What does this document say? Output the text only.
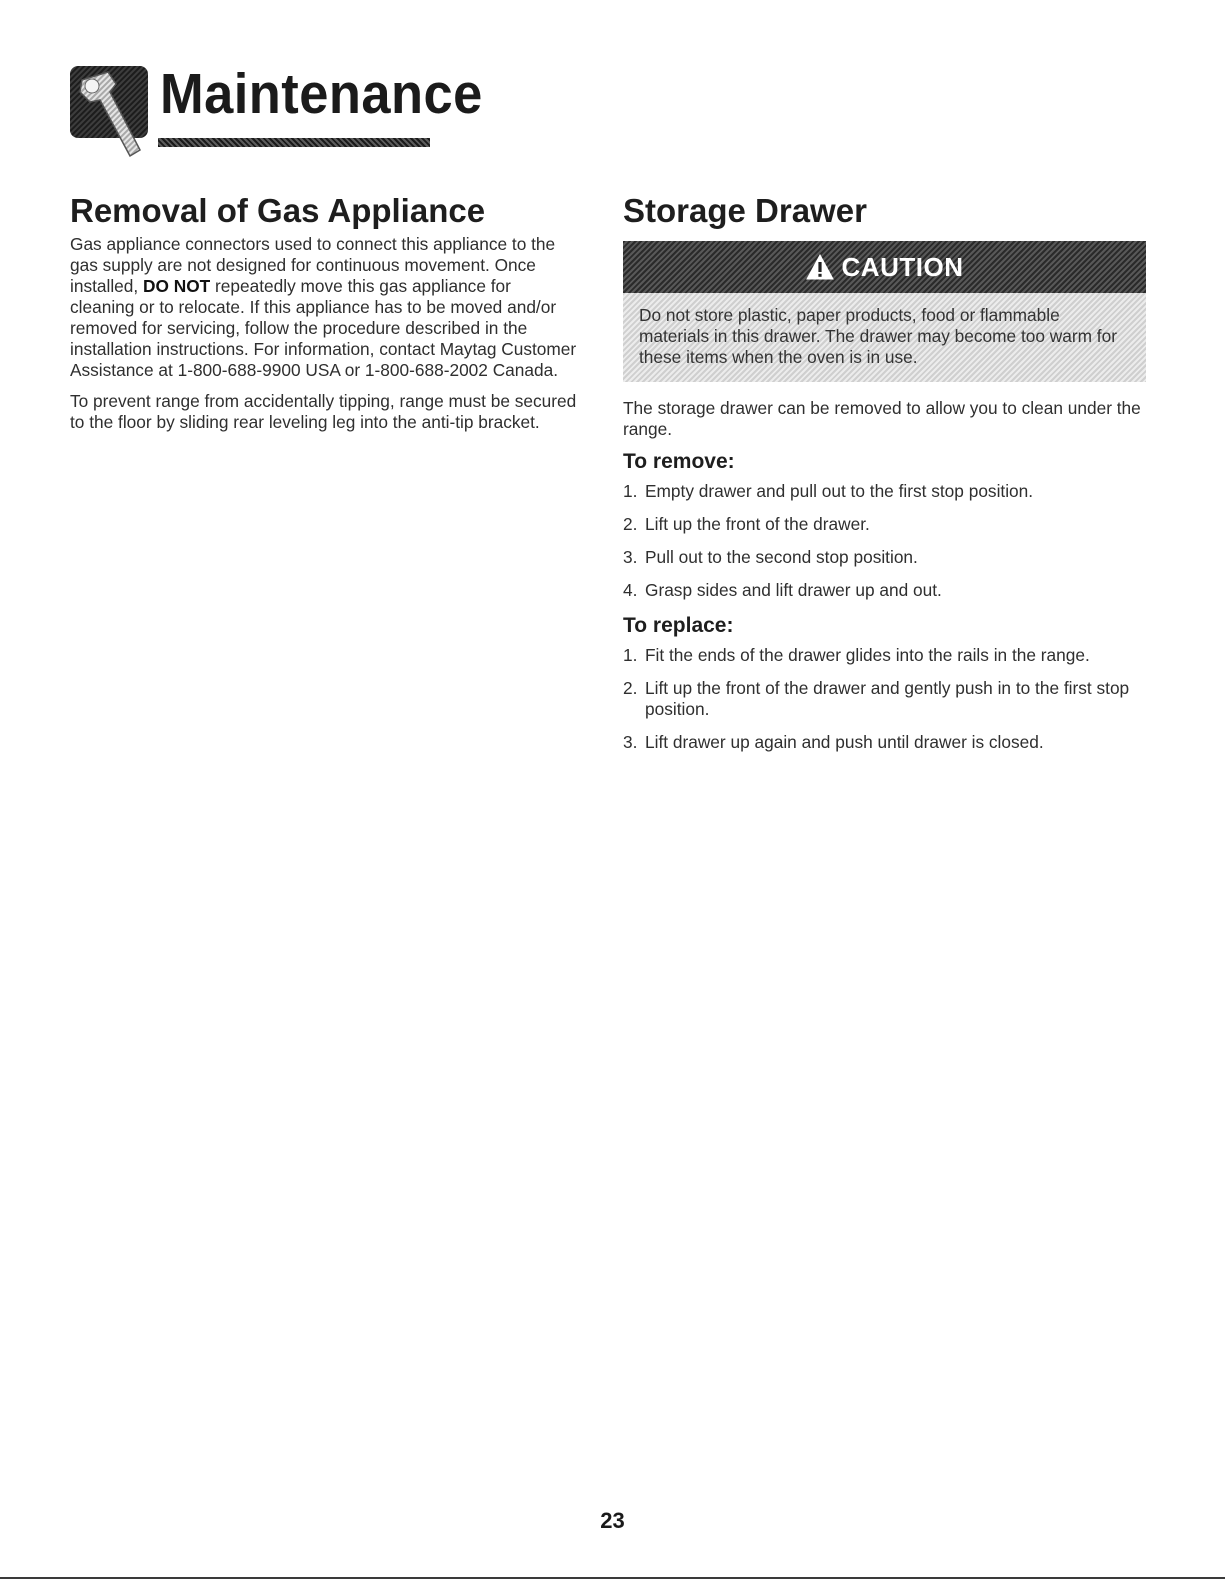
Maintenance
Removal of Gas Appliance

Gas appliance connectors used to connect this appliance to the gas supply are not designed for continuous movement. Once installed, DO NOT repeatedly move this gas appliance for cleaning or to relocate. If this appliance has to be moved and/or removed for servicing, follow the procedure described in the installation instructions. For information, contact Maytag Customer Assistance at 1-800-688-9900 USA or 1-800-688-2002 Canada.

To prevent range from accidentally tipping, range must be secured to the floor by sliding rear leveling leg into the anti-tip bracket.

Storage Drawer
CAUTION
Do not store plastic, paper products, food or flammable materials in this drawer. The drawer may become too warm for these items when the oven is in use.

The storage drawer can be removed to allow you to clean under the range.

To remove:
1. Empty drawer and pull out to the first stop position.
2. Lift up the front of the drawer.
3. Pull out to the second stop position.
4. Grasp sides and lift drawer up and out.
To replace:
1. Fit the ends of the drawer glides into the rails in the range.
2. Lift up the front of the drawer and gently push in to the first stop position.
3. Lift drawer up again and push until drawer is closed.
23
